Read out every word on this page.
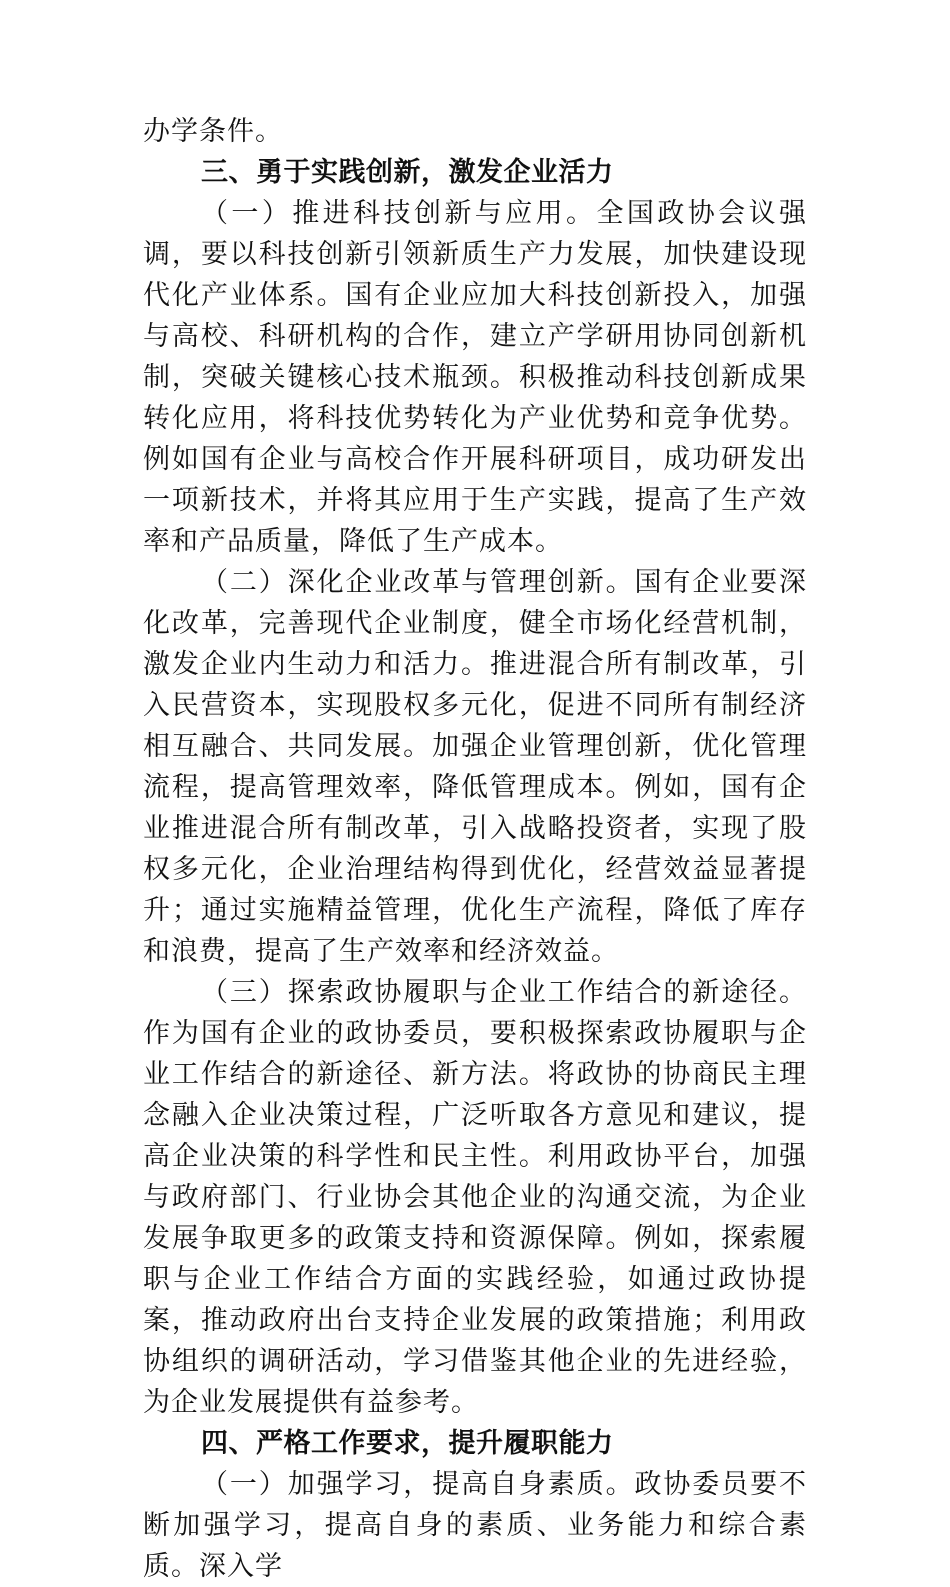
办学条件。

三、勇于实践创新，激发企业活力

（一）推进科技创新与应用。全国政协会议强调，要以科技创新引领新质生产力发展，加快建设现代化产业体系。国有企业应加大科技创新投入，加强与高校、科研机构的合作，建立产学研用协同创新机制，突破关键核心技术瓶颈。积极推动科技创新成果转化应用，将科技优势转化为产业优势和竞争优势。例如国有企业与高校合作开展科研项目，成功研发出一项新技术，并将其应用于生产实践，提高了生产效率和产品质量，降低了生产成本。

（二）深化企业改革与管理创新。国有企业要深化改革，完善现代企业制度，健全市场化经营机制，激发企业内生动力和活力。推进混合所有制改革，引入民营资本，实现股权多元化，促进不同所有制经济相互融合、共同发展。加强企业管理创新，优化管理流程，提高管理效率，降低管理成本。例如，国有企业推进混合所有制改革，引入战略投资者，实现了股权多元化，企业治理结构得到优化，经营效益显著提升；通过实施精益管理，优化生产流程，降低了库存和浪费，提高了生产效率和经济效益。

（三）探索政协履职与企业工作结合的新途径。作为国有企业的政协委员，要积极探索政协履职与企业工作结合的新途径、新方法。将政协的协商民主理念融入企业决策过程，广泛听取各方意见和建议，提高企业决策的科学性和民主性。利用政协平台，加强与政府部门、行业协会其他企业的沟通交流，为企业发展争取更多的政策支持和资源保障。例如，探索履职与企业工作结合方面的实践经验，如通过政协提案，推动政府出台支持企业发展的政策措施；利用政协组织的调研活动，学习借鉴其他企业的先进经验，为企业发展提供有益参考。

四、严格工作要求，提升履职能力

（一）加强学习，提高自身素质。政协委员要不断加强学习，提高自身的素质、业务能力和综合素质。深入学
